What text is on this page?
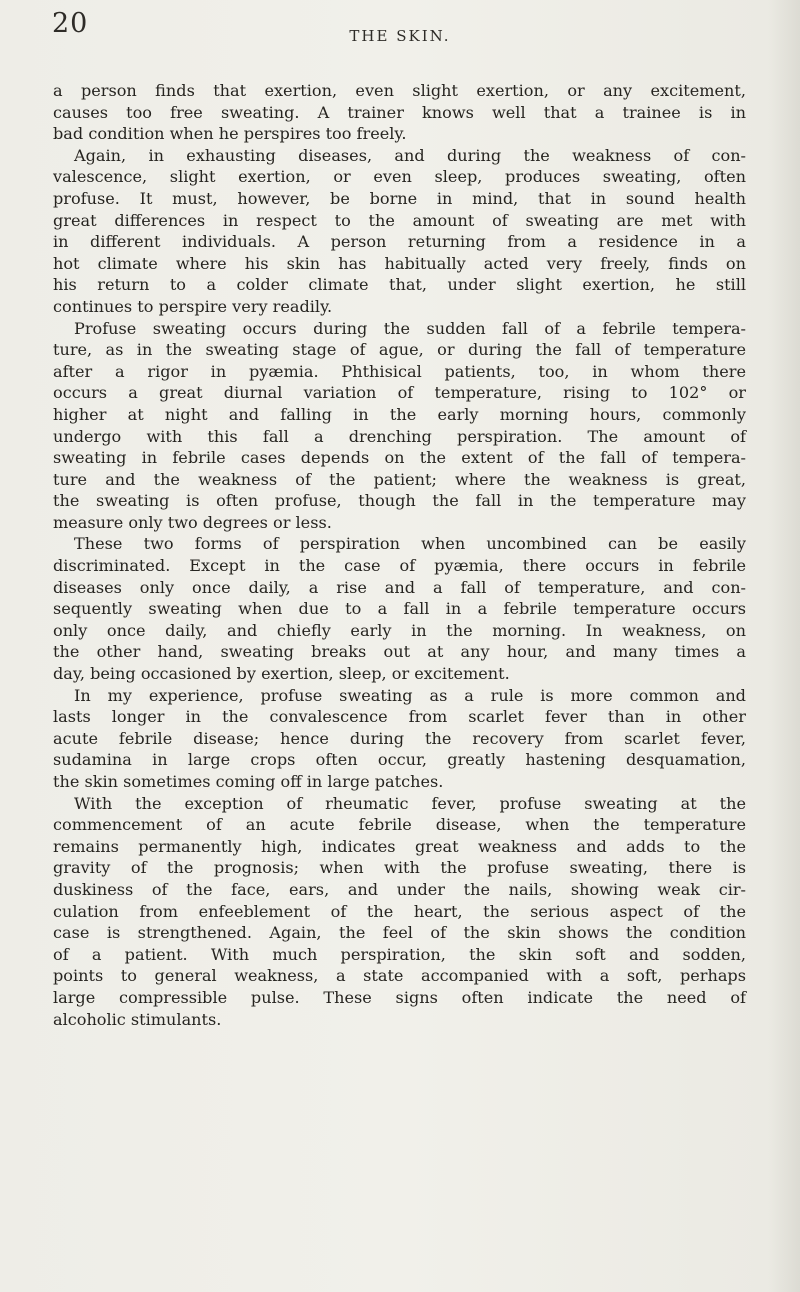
20	THE SKIN.
a person finds that exertion, even slight exertion, or any excitement,
causes too free sweating. A trainer knows well that a trainee is in
bad condition when he perspires too freely.
Again, in exhausting diseases, and during the weakness of con-
valescence, slight exertion, or even sleep, produces sweating, often
profuse. It must, however, be borne in mind, that in sound health
great differences in respect to the amount of sweating are met with
in different individuals. A person returning from a residence in a
hot climate where his skin has habitually acted very freely, finds on
his return to a colder climate that, under slight exertion, he still
continues to perspire very readily.
Profuse sweating occurs during the sudden fall of a febrile tempera-
ture, as in the sweating stage of ague, or during the fall of temperature
after a rigor in pyæmia. Phthisical patients, too, in whom there
occurs a great diurnal variation of temperature, rising to 102° or
higher at night and falling in the early morning hours, commonly
undergo with this fall a drenching perspiration. The amount of
sweating in febrile cases depends on the extent of the fall of tempera-
ture and the weakness of the patient; where the weakness is great,
the sweating is often profuse, though the fall in the temperature may
measure only two degrees or less.
These two forms of perspiration when uncombined can be easily
discriminated. Except in the case of pyæmia, there occurs in febrile
diseases only once daily, a rise and a fall of temperature, and con-
sequently sweating when due to a fall in a febrile temperature occurs
only once daily, and chiefly early in the morning. In weakness, on
the other hand, sweating breaks out at any hour, and many times a
day, being occasioned by exertion, sleep, or excitement.
In my experience, profuse sweating as a rule is more common and
lasts longer in the convalescence from scarlet fever than in other
acute febrile disease; hence during the recovery from scarlet fever,
sudamina in large crops often occur, greatly hastening desquamation,
the skin sometimes coming off in large patches.
With the exception of rheumatic fever, profuse sweating at the
commencement of an acute febrile disease, when the temperature
remains permanently high, indicates great weakness and adds to the
gravity of the prognosis; when with the profuse sweating, there is
duskiness of the face, ears, and under the nails, showing weak cir-
culation from enfeeblement of the heart, the serious aspect of the
case is strengthened. Again, the feel of the skin shows the condition
of a patient. With much perspiration, the skin soft and sodden,
points to general weakness, a state accompanied with a soft, perhaps
large compressible pulse. These signs often indicate the need of
alcoholic stimulants.
